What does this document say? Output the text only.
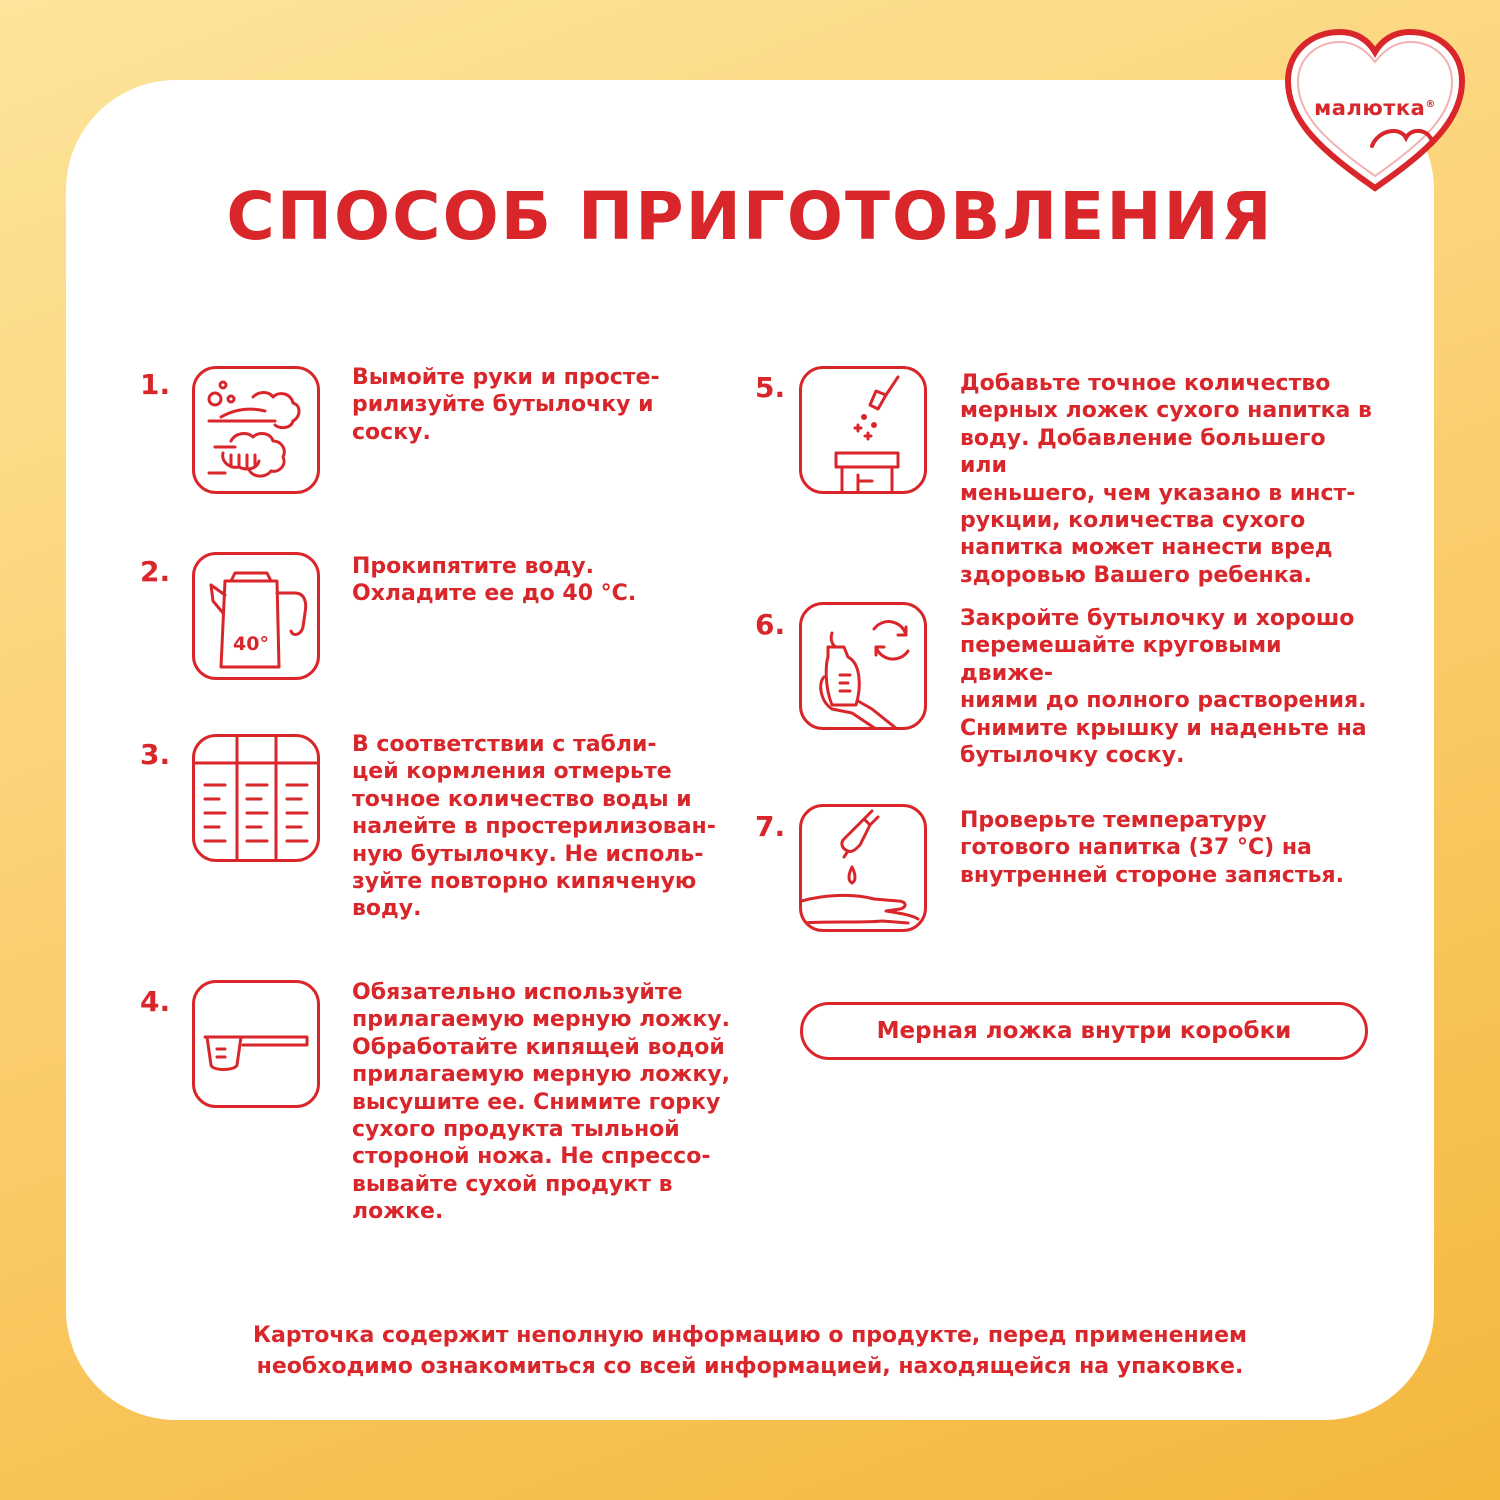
малютка®
СПОСОБ ПРИГОТОВЛЕНИЯ
1.	Вымойте руки и просте-
рилизуйте бутылочку и
соску.
2.
40°
Прокипятите воду.
Охладите ее до 40 °С.
3.	В соответствии с табли-
цей кормления отмерьте
точное количество воды и
налейте в простерилизован-
ную бутылочку. Не исполь-
зуйте повторно кипяченую
воду.
4.	Обязательно используйте
прилагаемую мерную ложку.
Обработайте кипящей водой
прилагаемую мерную ложку,
высушите ее. Снимите горку
сухого продукта тыльной
стороной ножа. Не спрессо-
вывайте сухой продукт в
ложке.
5.	Добавьте точное количество
мерных ложек сухого напитка в
воду. Добавление большего или
меньшего, чем указано в инст-
рукции, количества сухого
напитка может нанести вред
здоровью Вашего ребенка.
6.	Закройте бутылочку и хорошо
перемешайте круговыми движе-
ниями до полного растворения.
Снимите крышку и наденьте на
бутылочку соску.
7.	Проверьте температуру
готового напитка (37 °С) на
внутренней стороне запястья.
Мерная ложка внутри коробки
Карточка содержит неполную информацию о продукте, перед применением
необходимо ознакомиться со всей информацией, находящейся на упаковке.
